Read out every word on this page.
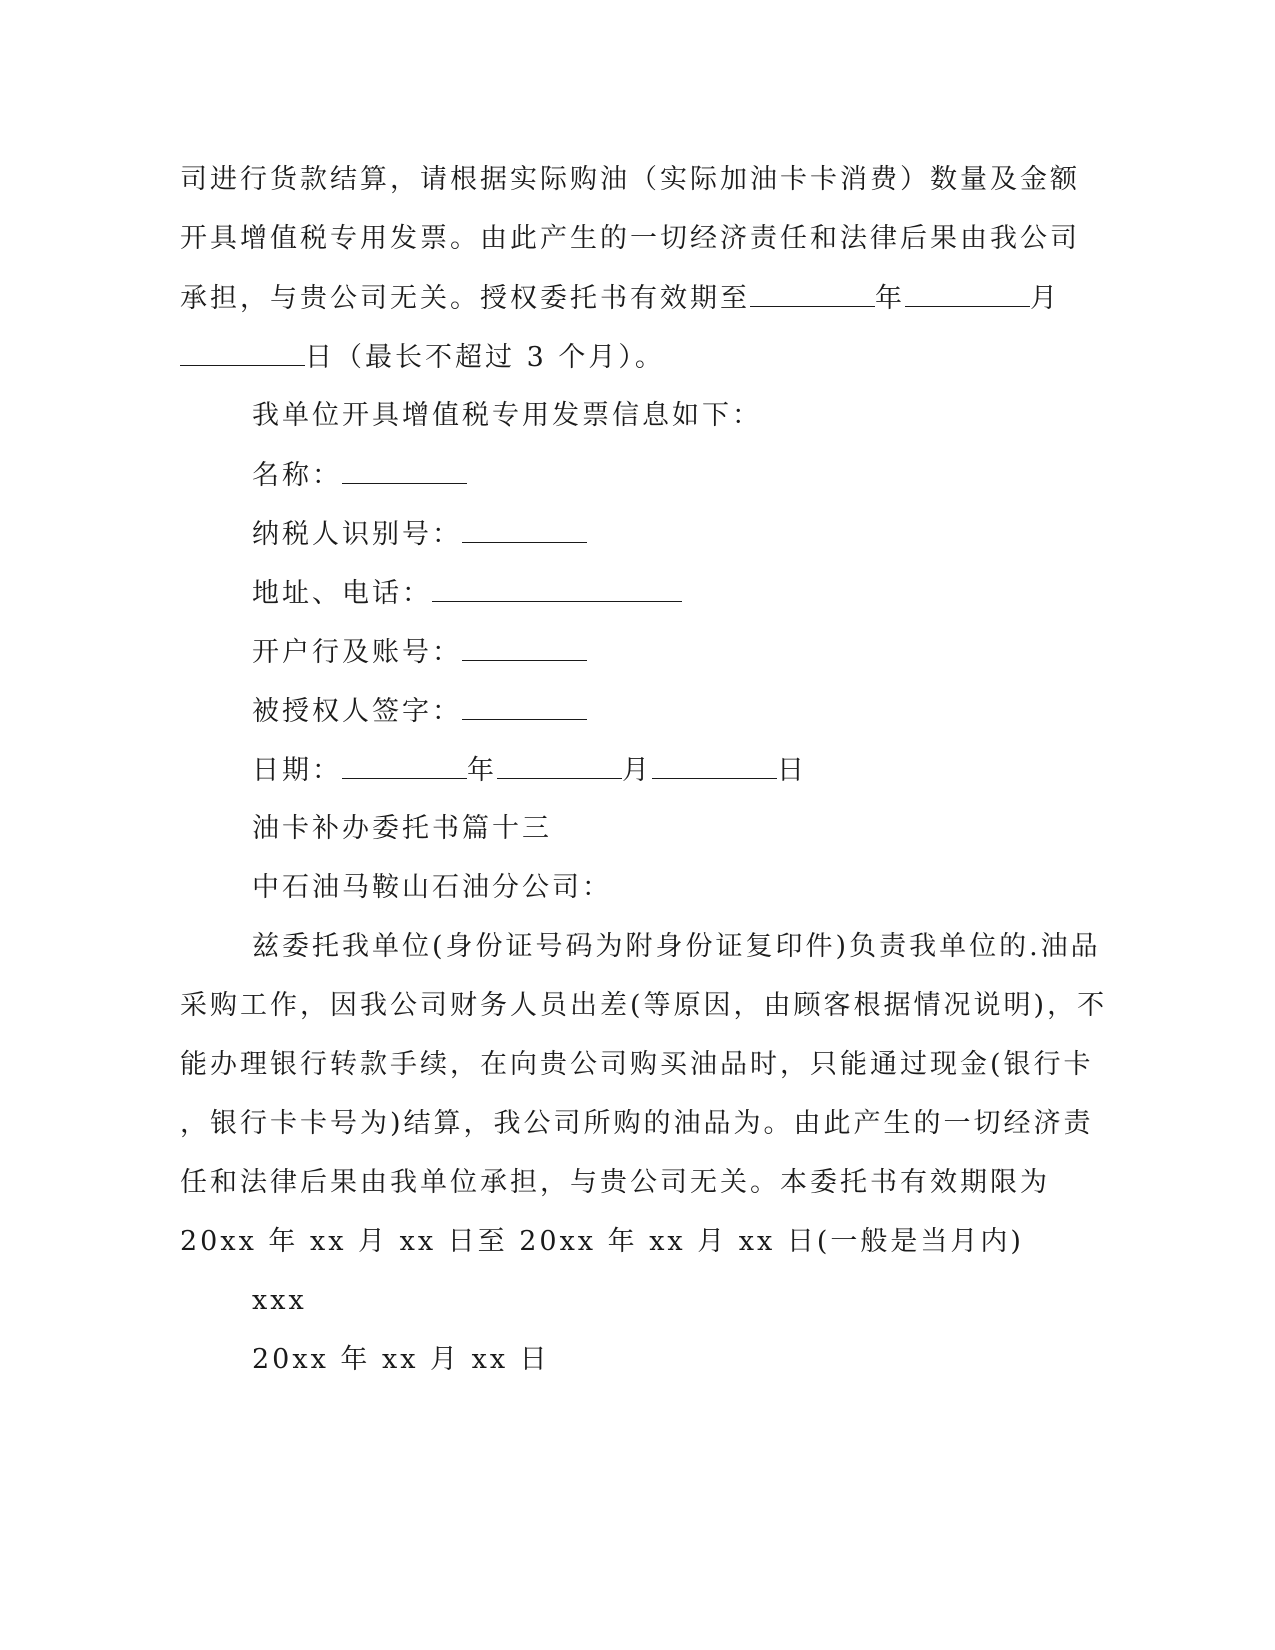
司进行货款结算，请根据实际购油（实际加油卡卡消费）数量及金额
开具增值税专用发票。由此产生的一切经济责任和法律后果由我公司
承担，与贵公司无关。授权委托书有效期至	年	月
日（最长不超过 3 个月）。
我单位开具增值税专用发票信息如下：
名称：
纳税人识别号：
地址、电话：
开户行及账号：
被授权人签字：
日期：	年	月	日
油卡补办委托书篇十三
中石油马鞍山石油分公司：
兹委托我单位(身份证号码为附身份证复印件)负责我单位的.油品
采购工作，因我公司财务人员出差(等原因，由顾客根据情况说明)，不
能办理银行转款手续，在向贵公司购买油品时，只能通过现金(银行卡
，银行卡卡号为)结算，我公司所购的油品为。由此产生的一切经济责
任和法律后果由我单位承担，与贵公司无关。本委托书有效期限为
20xx 年 xx 月 xx 日至 20xx 年 xx 月 xx 日(一般是当月内)
xxx
20xx 年 xx 月 xx 日
